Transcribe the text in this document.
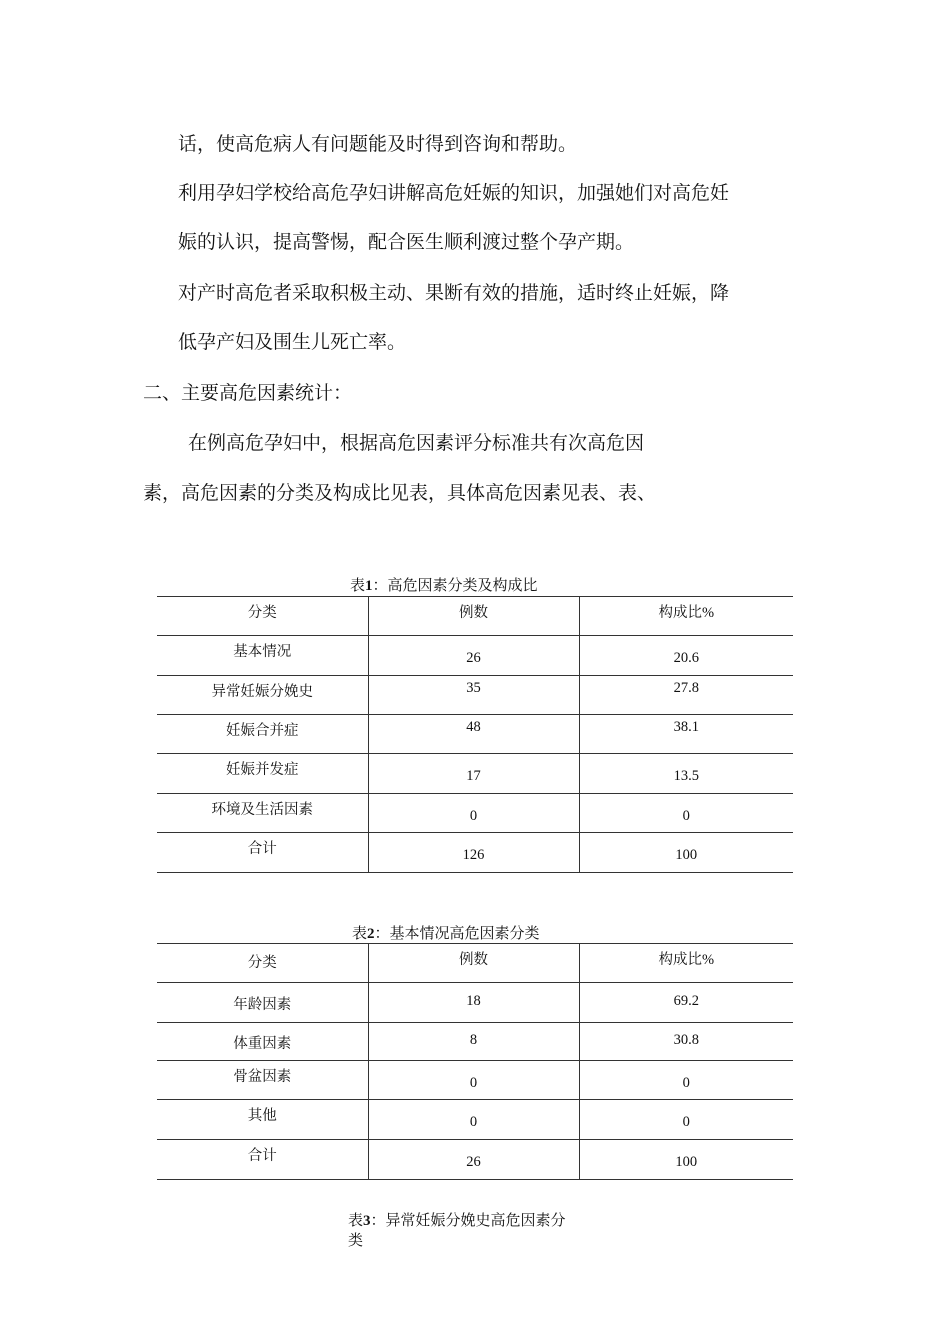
话，使高危病人有问题能及时得到咨询和帮助。
利用孕妇学校给高危孕妇讲解高危妊娠的知识，加强她们对高危妊
娠的认识，提高警惕，配合医生顺利渡过整个孕产期。
对产时高危者采取积极主动、果断有效的措施，适时终止妊娠，降
低孕产妇及围生儿死亡率。
二、主要高危因素统计：
在例高危孕妇中，根据高危因素评分标准共有次高危因
素，高危因素的分类及构成比见表，具体高危因素见表、表、
表1：高危因素分类及构成比
分类	例数	构成比%

基本情况	26	20.6

异常妊娠分娩史	35	27.8

妊娠合并症	48	38.1

妊娠并发症	17	13.5

环境及生活因素	0	0

合计	126	100
表2：基本情况高危因素分类
分类	例数	构成比%

年龄因素	18	69.2

体重因素	8	30.8

骨盆因素	0	0

其他	0	0

合计	26	100
表3：异常妊娠分娩史高危因素分
类
